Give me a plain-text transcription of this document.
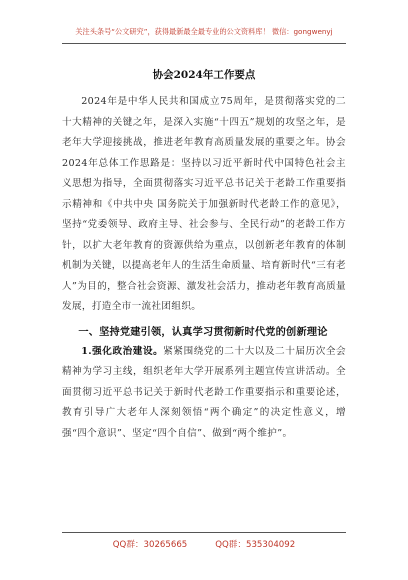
关注头条号“公文研究”，获得最新最全最专业的公文资料库！ 微信：gongwenyj
协会2024年工作要点

2024年是中华人民共和国成立75周年，是贯彻落实党的二十大精神的关键之年，是深入实施“十四五”规划的攻坚之年，是老年大学迎接挑战，推进老年教育高质量发展的重要之年。协会2024年总体工作思路是：坚持以习近平新时代中国特色社会主义思想为指导，全面贯彻落实习近平总书记关于老龄工作重要指示精神和《中共中央 国务院关于加强新时代老龄工作的意见》，坚持“党委领导、政府主导、社会参与、全民行动”的老龄工作方针，以扩大老年教育的资源供给为重点，以创新老年教育的体制机制为关键，以提高老年人的生活生命质量、培育新时代“三有老人”为目的，整合社会资源、激发社会活力，推动老年教育高质量发展，打造全市一流社团组织。

一、坚持党建引领，认真学习贯彻新时代党的创新理论

1.强化政治建设。紧紧围绕党的二十大以及二十届历次全会精神为学习主线，组织老年大学开展系列主题宣传宣讲活动。全面贯彻习近平总书记关于新时代老龄工作重要指示和重要论述，教育引导广大老年人深刻领悟“两个确定”的决定性意义，增强“四个意识”、坚定“四个自信”、做到“两个维护”。

QQ群：30265665	QQ群：535304092
